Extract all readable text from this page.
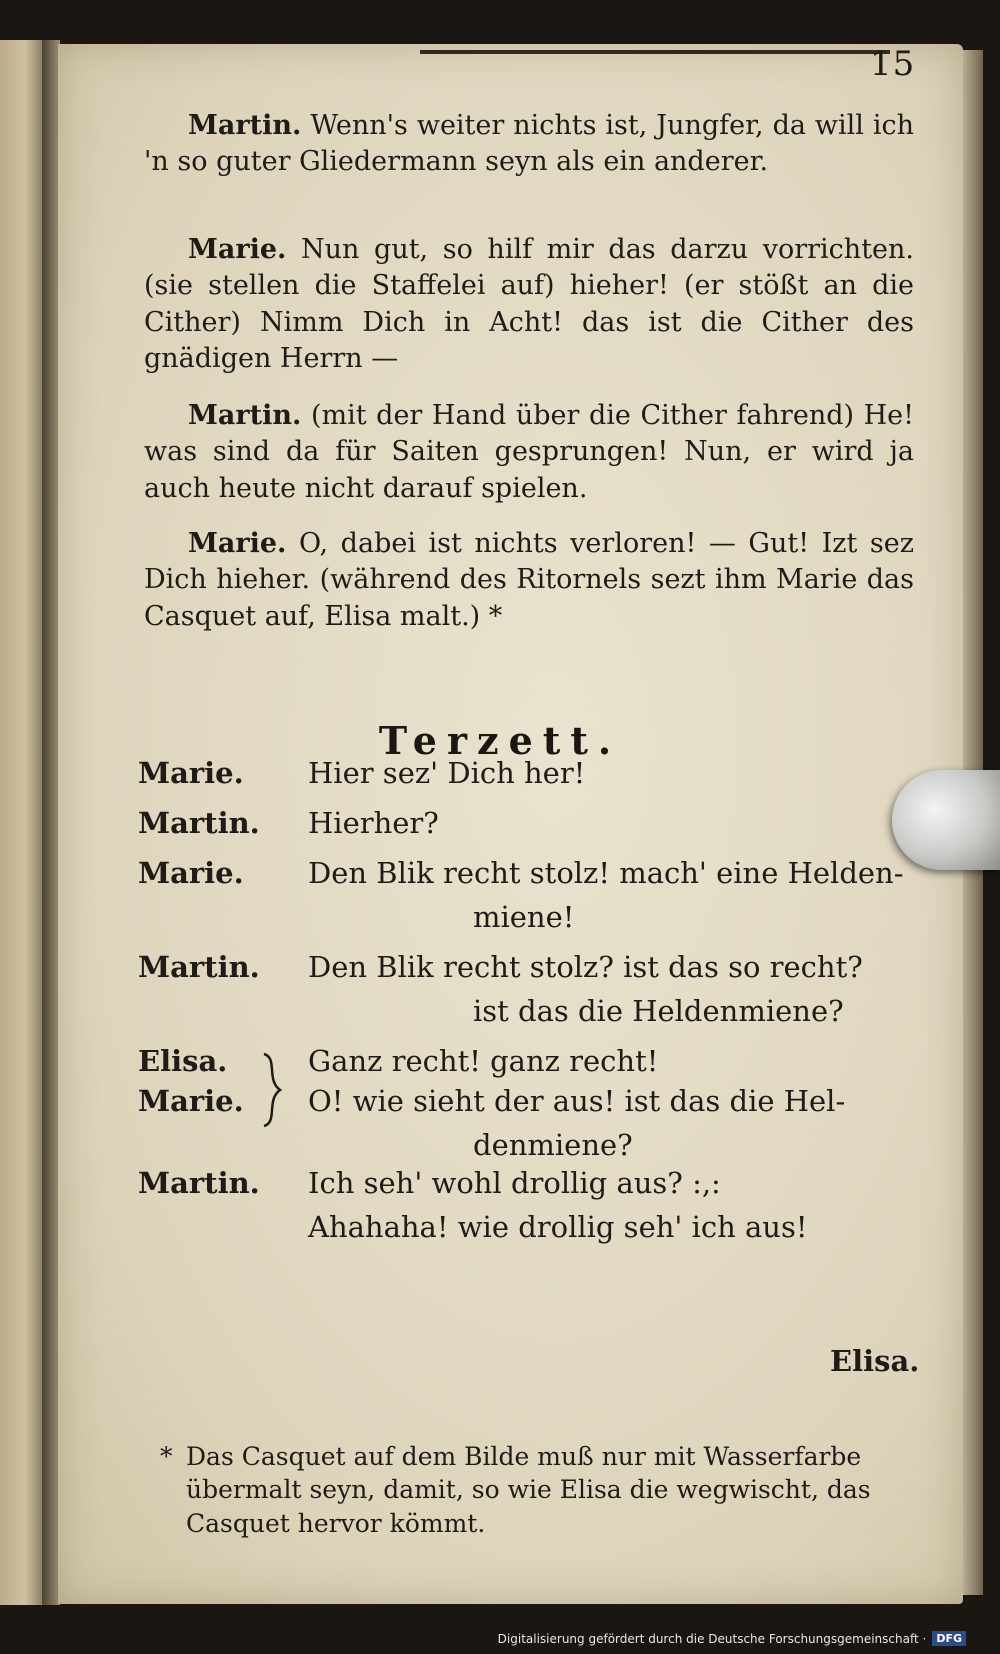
15

Martin. Wenn's weiter nichts ist, Jungfer, da will ich 'n so guter Gliedermann seyn als ein anderer.

Marie. Nun gut, so hilf mir das darzu vorrichten. (sie stellen die Staffelei auf) hieher! (er stößt an die Cither) Nimm Dich in Acht! das ist die Cither des gnädigen Herrn —

Martin. (mit der Hand über die Cither fahrend) He! was sind da für Saiten gesprungen! Nun, er wird ja auch heute nicht darauf spielen.

Marie. O, dabei ist nichts verloren! — Gut! Izt sez Dich hieher. (während des Ritornels sezt ihm Marie das Casquet auf, Elisa malt.) *

Terzett.
Marie. Hier sez' Dich her!
Martin. Hierher?
Marie. Den Blik recht stolz! mach' eine Helden-
miene!
Martin. Den Blik recht stolz? ist das so recht?
ist das die Heldenmiene?
Elisa.	Ganz recht! ganz recht!
Marie. O! wie sieht der aus! ist das die Hel-
denmiene?
Martin. Ich seh' wohl drollig aus? :,:
Ahahaha! wie drollig seh' ich aus!
Elisa.
* Das Casquet auf dem Bilde muß nur mit Wasserfarbe übermalt seyn, damit, so wie Elisa die wegwischt, das Casquet hervor kömmt.
Digitalisierung gefördert durch die Deutsche Forschungsgemeinschaft · DFG
